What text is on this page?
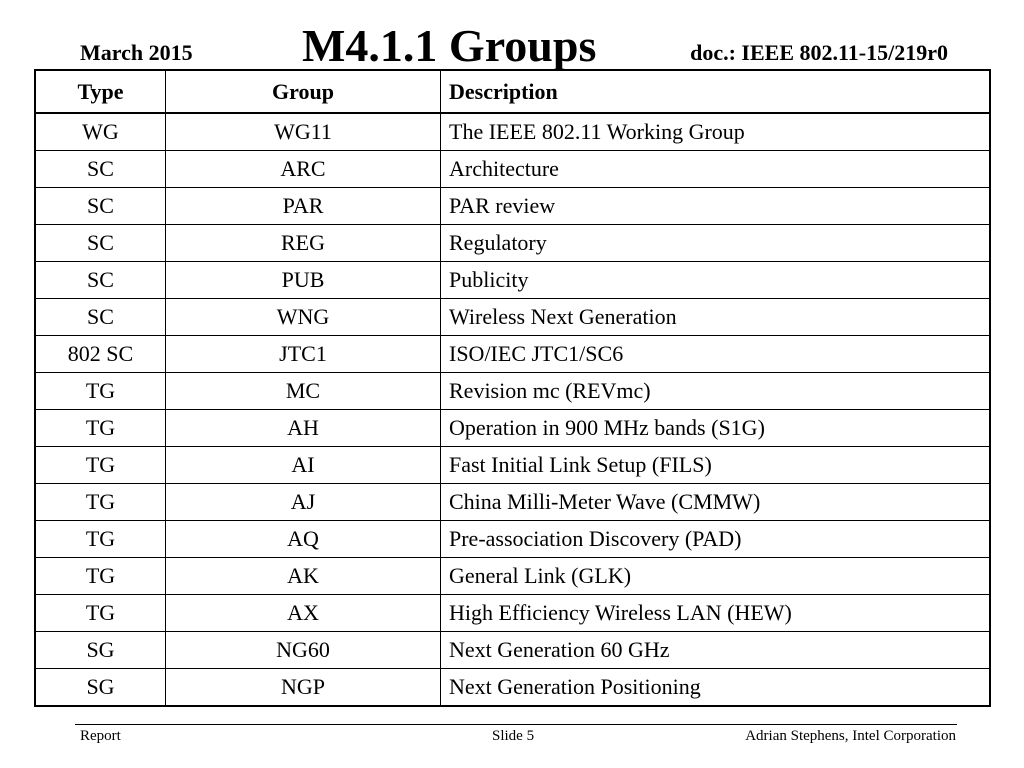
March 2015 M4.1.1 Groups	doc.: IEEE 802.11-15/219r0
Type	Group	Description
WG	WG11	The IEEE 802.11 Working Group
SC	ARC	Architecture
SC	PAR	PAR review
SC	REG	Regulatory
SC	PUB	Publicity
SC	WNG	Wireless Next Generation
802 SC	JTC1	ISO/IEC JTC1/SC6
TG	MC	Revision mc (REVmc)
TG	AH	Operation in 900 MHz bands (S1G)
TG	AI	Fast Initial Link Setup (FILS)
TG	AJ	China Milli-Meter Wave (CMMW)
TG	AQ	Pre-association Discovery (PAD)
TG	AK	General Link (GLK)
TG	AX	High Efficiency Wireless LAN (HEW)
SG	NG60	Next Generation 60 GHz
SG	NGP	Next Generation Positioning
Report	Slide 5	Adrian Stephens, Intel Corporation
